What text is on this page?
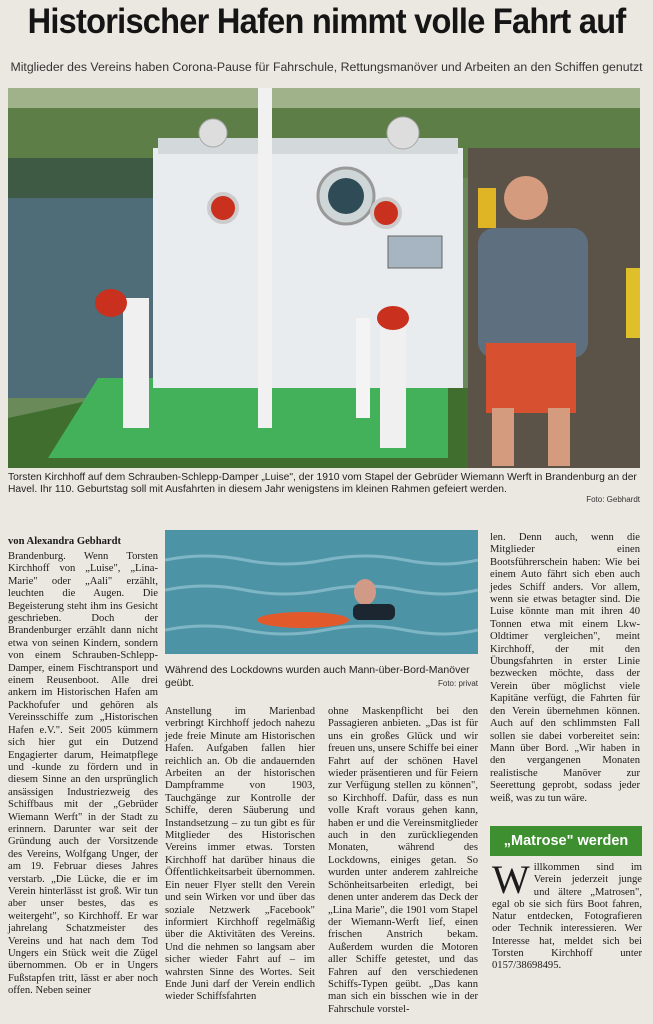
Historischer Hafen nimmt volle Fahrt auf
Mitglieder des Vereins haben Corona-Pause für Fahrschule, Rettungsmanöver und Arbeiten an den Schiffen genutzt
Torsten Kirchhoff auf dem Schrauben-Schlepp-Damper „Luise", der 1910 vom Stapel der Gebrüder Wiemann Werft in Brandenburg an der Havel. Ihr 110. Geburtstag soll mit Ausfahrten in diesem Jahr wenigstens im kleinen Rahmen gefeiert werden.
Foto: Gebhardt
von Alexandra Gebhardt

Brandenburg. Wenn Torsten Kirchhoff von „Luise", „Lina-Marie" oder „Aali" erzählt, leuchten die Augen. Die Begeisterung steht ihm ins Gesicht geschrieben. Doch der Brandenburger erzählt dann nicht etwa von seinen Kindern, sondern von einem Schrauben-Schlepp-Damper, einem Fischtransport und einem Reusenboot. Alle drei ankern im Historischen Hafen am Packhofufer und gehören als Vereinsschiffe zum „Historischen Hafen e.V.". Seit 2005 kümmern sich hier gut ein Dutzend Engagierter darum, Heimatpflege und -kunde zu fördern und in diesem Sinne an den ursprünglich ansässigen Industriezweig des Schiffbaus mit der „Gebrüder Wiemann Werft" in der Stadt zu erinnern. Darunter war seit der Gründung auch der Vorsitzende des Vereins, Wolfgang Unger, der am 19. Februar dieses Jahres verstarb. „Die Lücke, die er im Verein hinterlässt ist groß. Wir tun aber unser bestes, das es weitergeht", so Kirchhoff. Er war jahrelang Schatzmeister des Vereins und hat nach dem Tod Ungers ein Stück weit die Zügel übernommen. Ob er in Ungers Fußstapfen tritt, lässt er aber noch offen. Neben seiner

Während des Lockdowns wurden auch Mann-über-Bord-Manöver geübt.	Foto: privat

Anstellung im Marienbad verbringt Kirchhoff jedoch nahezu jede freie Minute am Historischen Hafen. Aufgaben fallen hier reichlich an. Ob die andauernden Arbeiten an der historischen Dampframme von 1903, Tauchgänge zur Kontrolle der Schiffe, deren Säuberung und Instandsetzung – zu tun gibt es für Mitglieder des Historischen Vereins immer etwas. Torsten Kirchhoff hat darüber hinaus die Öffentlichkeitsarbeit übernommen. Ein neuer Flyer stellt den Verein und sein Wirken vor und über das soziale Netzwerk „Facebook" informiert Kirchhoff regelmäßig über die Aktivitäten des Vereins. Und die nehmen so langsam aber sicher wieder Fahrt auf – im wahrsten Sinne des Wortes. Seit Ende Juni darf der Verein endlich wieder Schiffsfahrten

ohne Maskenpflicht bei den Passagieren anbieten. „Das ist für uns ein großes Glück und wir freuen uns, unsere Schiffe bei einer Fahrt auf der schönen Havel wieder präsentieren und für Feiern zur Verfügung stellen zu können", so Kirchhoff. Dafür, dass es nun volle Kraft voraus gehen kann, haben er und die Vereinsmitglieder auch in den zurückliegenden Monaten, während des Lockdowns, einiges getan. So wurden unter anderem zahlreiche Schönheitsarbeiten erledigt, bei denen unter anderem das Deck der „Lina Marie", die 1901 vom Stapel der Wiemann-Werft lief, einen frischen Anstrich bekam. Außerdem wurden die Motoren aller Schiffe getestet, und das Fahren auf den verschiedenen Schiffs-Typen geübt. „Das kann man sich ein bisschen wie in der Fahrschule vorstel-

len. Denn auch, wenn die Mitglieder einen Bootsführerschein haben: Wie bei einem Auto fährt sich eben auch jedes Schiff anders. Vor allem, wenn sie etwas betagter sind. Die Luise könnte man mit ihren 40 Tonnen etwa mit einem Lkw-Oldtimer vergleichen", meint Kirchhoff, der mit den Übungsfahrten in erster Linie bezwecken möchte, dass der Verein über möglichst viele Kapitäne verfügt, die Fahrten für den Verein übernehmen können. Auch auf den schlimmsten Fall sollen sie dabei vorbereitet sein: Mann über Bord. „Wir haben in den vergangenen Monaten realistische Manöver zur Seerettung geprobt, sodass jeder weiß, was zu tun wäre.

„Matrose" werden
Willkommen sind im Verein jederzeit junge und ältere „Matrosen", egal ob sie sich fürs Boot fahren, Natur entdecken, Fotografieren oder Technik interessieren. Wer Interesse hat, meldet sich bei Torsten Kirchhoff unter 0157/38698495.
